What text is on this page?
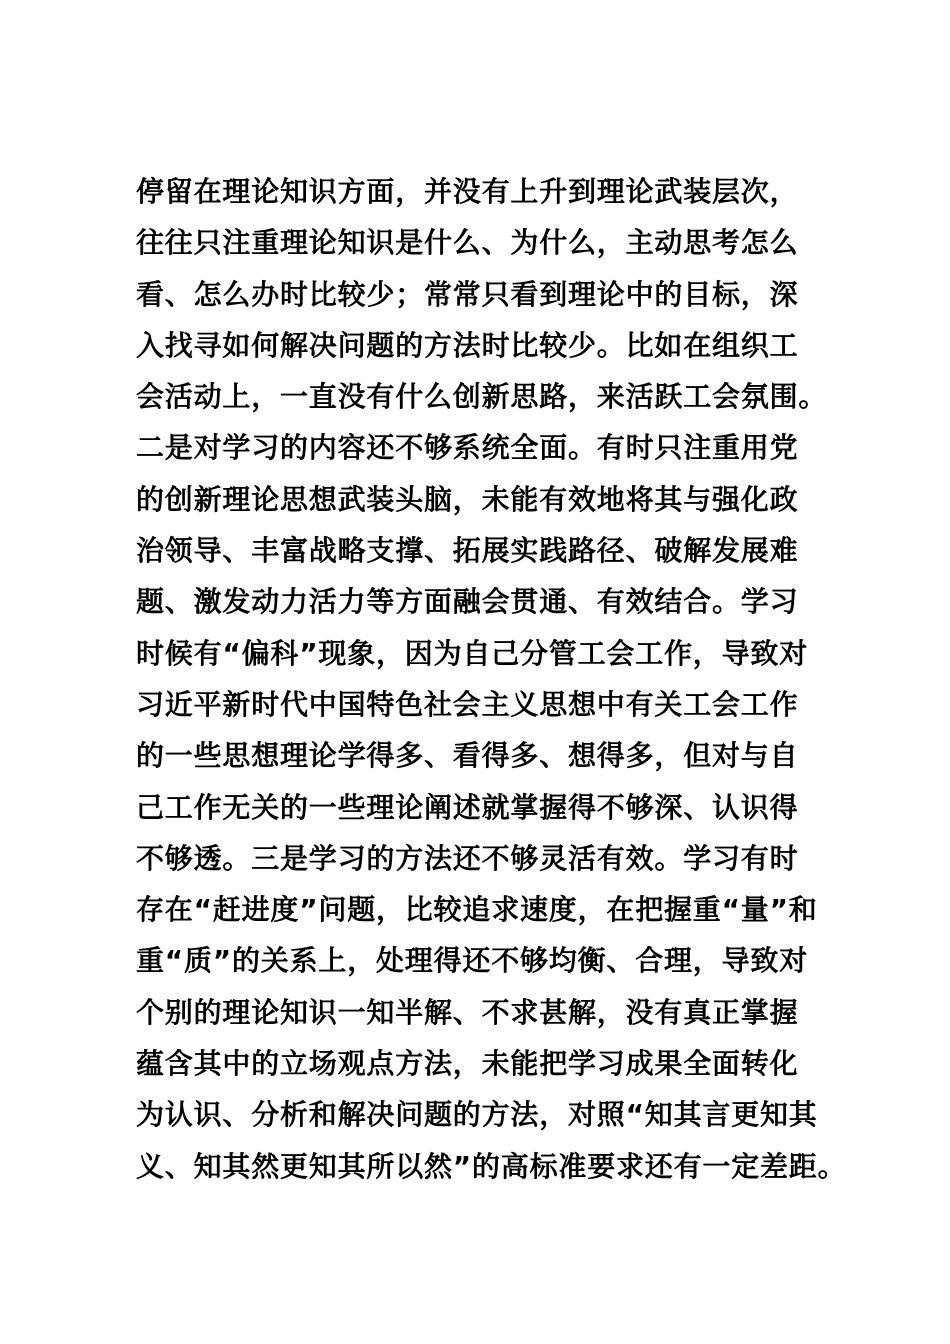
停留在理论知识方面，并没有上升到理论武装层次，
往往只注重理论知识是什么、为什么，主动思考怎么
看、怎么办时比较少；常常只看到理论中的目标，深
入找寻如何解决问题的方法时比较少。比如在组织工
会活动上，一直没有什么创新思路，来活跃工会氛围。
二是对学习的内容还不够系统全面。有时只注重用党
的创新理论思想武装头脑，未能有效地将其与强化政
治领导、丰富战略支撑、拓展实践路径、破解发展难
题、激发动力活力等方面融会贯通、有效结合。学习
时候有“偏科”现象，因为自己分管工会工作，导致对
习近平新时代中国特色社会主义思想中有关工会工作
的一些思想理论学得多、看得多、想得多，但对与自
己工作无关的一些理论阐述就掌握得不够深、认识得
不够透。三是学习的方法还不够灵活有效。学习有时
存在“赶进度”问题，比较追求速度，在把握重“量”和
重“质”的关系上，处理得还不够均衡、合理，导致对
个别的理论知识一知半解、不求甚解，没有真正掌握
蕴含其中的立场观点方法，未能把学习成果全面转化
为认识、分析和解决问题的方法，对照“知其言更知其
义、知其然更知其所以然”的高标准要求还有一定差距。
